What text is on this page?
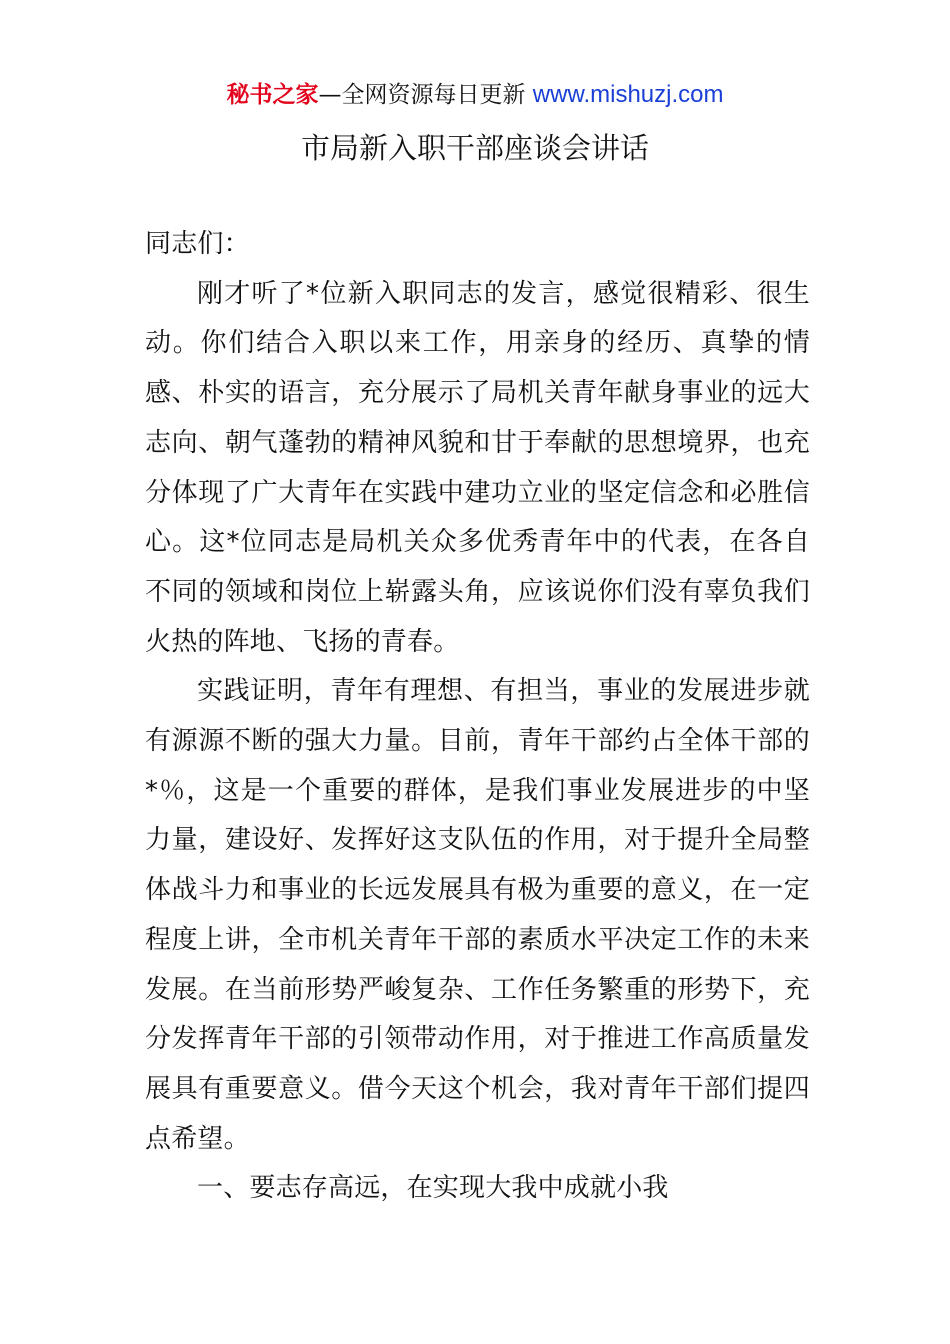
秘书之家—全网资源每日更新 www.mishuzj.com
市局新入职干部座谈会讲话

同志们：

刚才听了*位新入职同志的发言，感觉很精彩、很生动。你们结合入职以来工作，用亲身的经历、真挚的情感、朴实的语言，充分展示了局机关青年献身事业的远大志向、朝气蓬勃的精神风貌和甘于奉献的思想境界，也充分体现了广大青年在实践中建功立业的坚定信念和必胜信心。这*位同志是局机关众多优秀青年中的代表，在各自不同的领域和岗位上崭露头角，应该说你们没有辜负我们火热的阵地、飞扬的青春。

实践证明，青年有理想、有担当，事业的发展进步就有源源不断的强大力量。目前，青年干部约占全体干部的*％，这是一个重要的群体，是我们事业发展进步的中坚力量，建设好、发挥好这支队伍的作用，对于提升全局整体战斗力和事业的长远发展具有极为重要的意义，在一定程度上讲，全市机关青年干部的素质水平决定工作的未来发展。在当前形势严峻复杂、工作任务繁重的形势下，充分发挥青年干部的引领带动作用，对于推进工作高质量发展具有重要意义。借今天这个机会，我对青年干部们提四点希望。

一、要志存高远，在实现大我中成就小我
